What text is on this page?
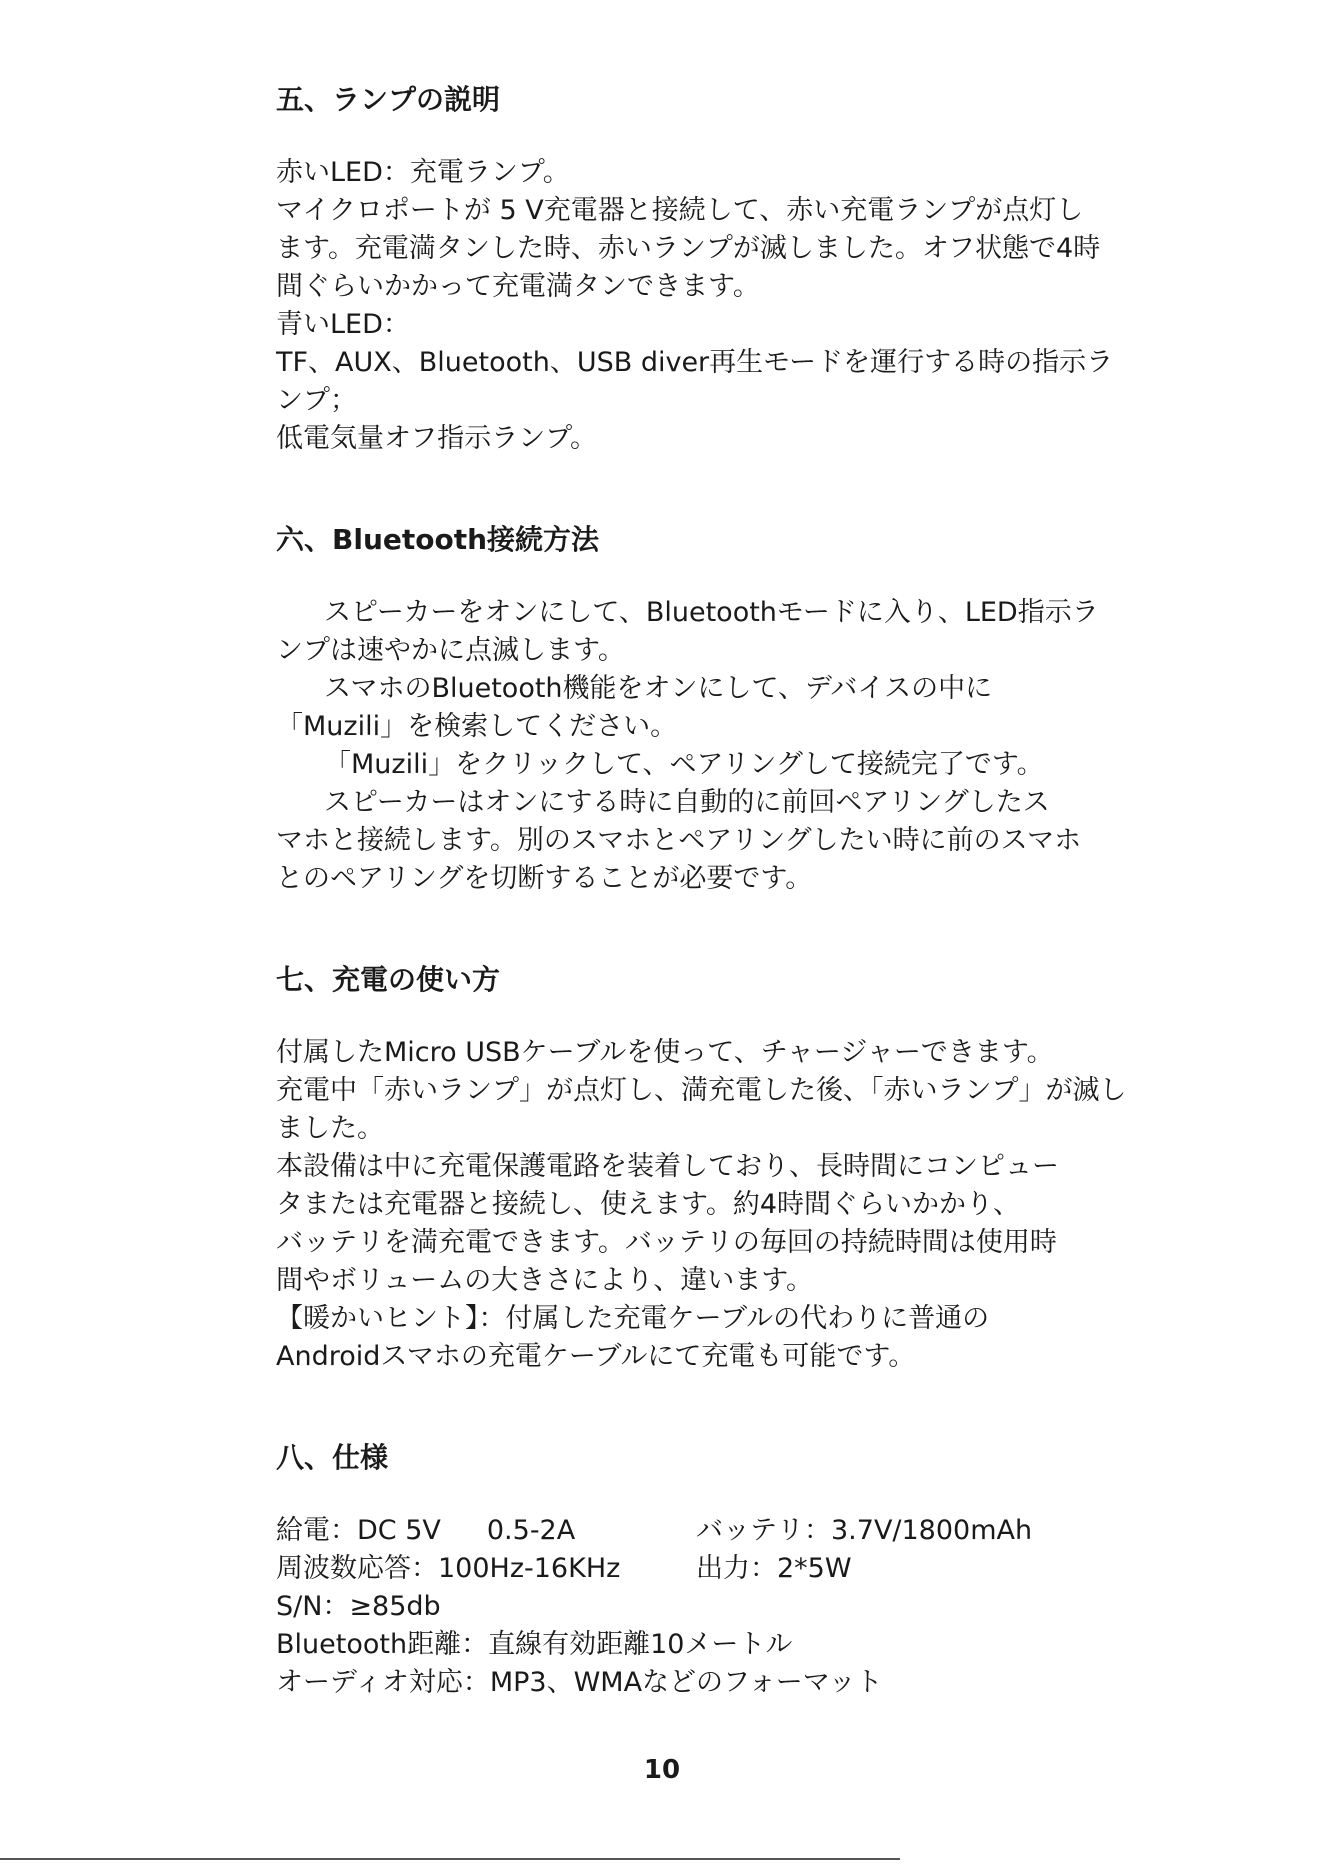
五、ランプの説明

赤いLED：充電ランプ。

マイクロポートが 5 V充電器と接続して、赤い充電ランプが点灯し

ます。充電満タンした時、赤いランプが滅しました。オフ状態で4時

間ぐらいかかって充電満タンできます。

青いLED：

TF、AUX、Bluetooth、USB diver再生モードを運行する時の指示ラ

ンプ；

低電気量オフ指示ランプ。

六、Bluetooth接続方法

スピーカーをオンにして、Bluetoothモードに入り、LED指示ラ

ンプは速やかに点滅します。

スマホのBluetooth機能をオンにして、デバイスの中に

「Muzili」を検索してください。

「Muzili」をクリックして、ペアリングして接続完了です。

スピーカーはオンにする時に自動的に前回ペアリングしたス

マホと接続します。別のスマホとペアリングしたい時に前のスマホ

とのペアリングを切断することが必要です。

七、充電の使い方

付属したMicro USBケーブルを使って、チャージャーできます。

充電中「赤いランプ」が点灯し、満充電した後、「赤いランプ」が滅し

ました。

本設備は中に充電保護電路を装着しており、長時間にコンピュー

タまたは充電器と接続し、使えます。約4時間ぐらいかかり、

バッテリを満充電できます。バッテリの毎回の持続時間は使用時

間やボリュームの大きさにより、違います。

【暖かいヒント】：付属した充電ケーブルの代わりに普通の

Androidスマホの充電ケーブルにて充電も可能です。

八、仕様

給電：DC 5V 0.5-2A	バッテリ：3.7V/1800mAh
周波数応答：100Hz-16KHz	出力：2*5W

S/N：≥85db

Bluetooth距離：直線有効距離10メートル

オーディオ対応：MP3、WMAなどのフォーマット

10
